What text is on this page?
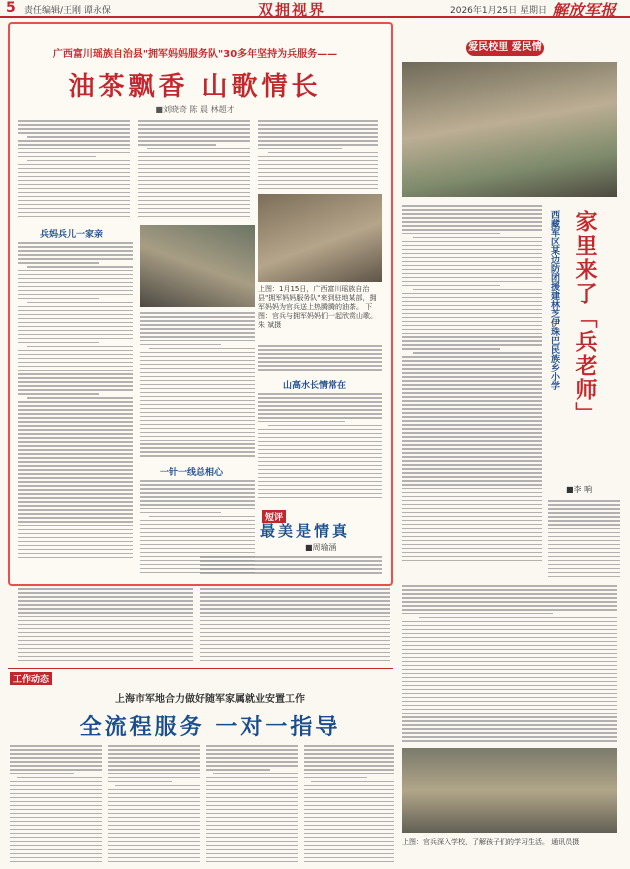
5 责任编辑/王刚 谭永保	双拥视界	2026年1月25日 星期日 解放军报
广西富川瑶族自治县"拥军妈妈服务队"30多年坚持为兵服务——
油茶飘香 山歌情长
■刘晓奇 陈 晨 林超才
上图：1月15日，广西富川瑶族自治县"拥军妈妈服务队"来到驻地某部，拥军妈妈为官兵送上热腾腾的油茶。 下图：官兵与拥军妈妈们一起欣赏山歌。 朱 斌摄
兵妈兵儿一家亲
一针一线总相心
山高水长情常在
短评
最美是情真
■周瑜涵
爱民校里 爱民情
西藏军区某边防团援建林芝伊珠巴民族乡小学 家里来了「兵老师」
■李 响
上图：官兵深入学校，了解孩子们的学习生活。 通讯员摄
工作动态
上海市军地合力做好随军家属就业安置工作
全流程服务 一对一指导
